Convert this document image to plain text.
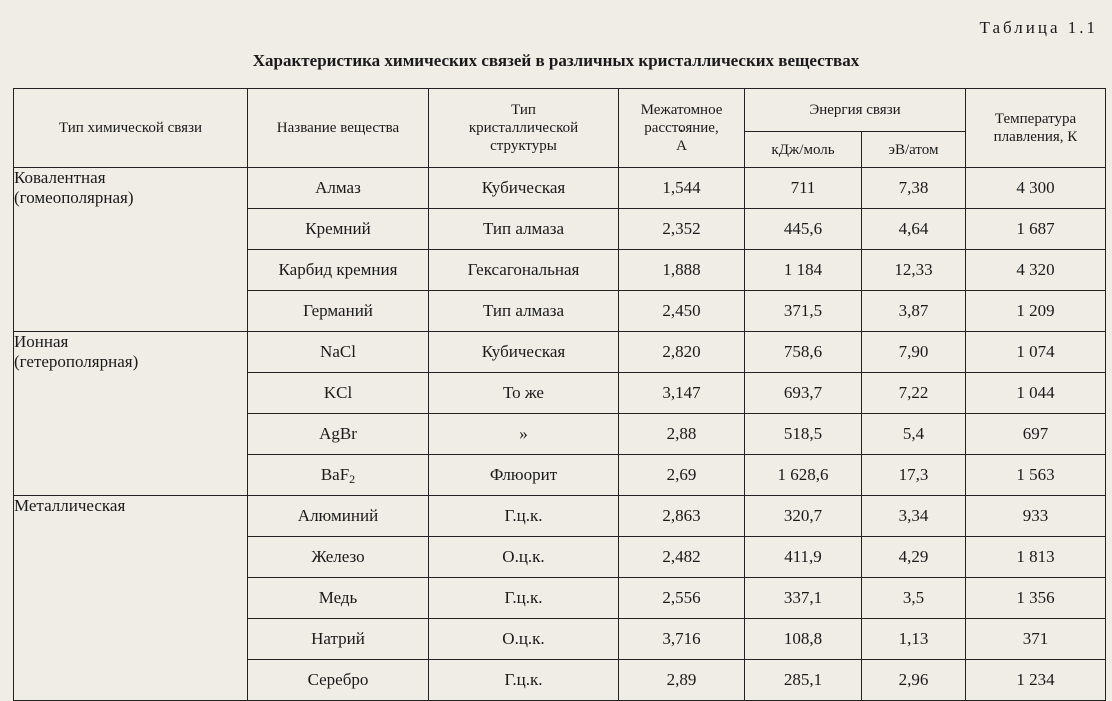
Таблица 1.1
Характеристика химических связей в различных кристаллических веществах
Тип химической связи	Название вещества	Тип
кристаллической
структуры	Межатомное
расстояние,
• А	Энергия связи		Температура
плавления, К
				кДж/моль	эВ/атом	
Ковалентная
(гомеополярная)	Алмаз	Кубическая	1,544	711	7,38	4 300
	Кремний	Тип алмаза	2,352	445,6	4,64	1 687
	Карбид кремния	Гексагональная	1,888	1 184	12,33	4 320
	Германий	Тип алмаза	2,450	371,5	3,87	1 209
Ионная
(гетерополярная)	NaCl	Кубическая	2,820	758,6	7,90	1 074
	KCl	То же	3,147	693,7	7,22	1 044
	AgBr	»	2,88	518,5	5,4	697
	BaF$_2$	Флюорит	2,69	1 628,6	17,3	1 563
Металлическая	Алюминий	Г.ц.к.	2,863	320,7	3,34	933
	Железо	О.ц.к.	2,482	411,9	4,29	1 813
	Медь	Г.ц.к.	2,556	337,1	3,5	1 356
	Натрий	О.ц.к.	3,716	108,8	1,13	371
	Серебро	Г.ц.к.	2,89	285,1	2,96	1 234
